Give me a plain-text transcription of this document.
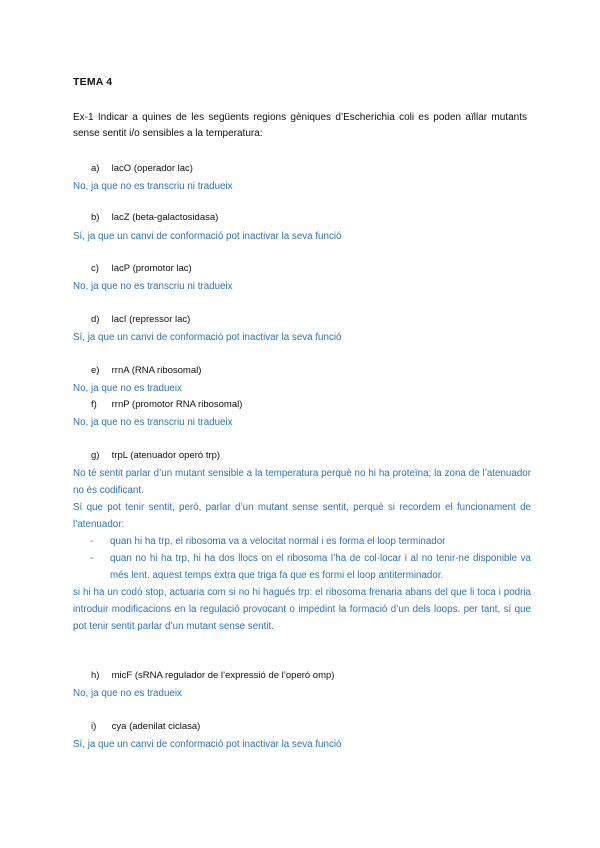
TEMA 4
Ex-1 Indicar a quines de les següents regions gèniques d’Escherichia coli es poden aïllar mutants sense sentit i/o sensibles a la temperatura:
a) lacO (operador lac)
No, ja que no es transcriu ni tradueix
b) lacZ (beta-galactosidasa)
Sí, ja que un canvi de conformació pot inactivar la seva funció
c) lacP (promotor lac)
No, ja que no es transcriu ni tradueix
d) lacI (repressor lac)
Sí, ja que un canvi de conformació pot inactivar la seva funció
e) rrnA (RNA ribosomal)
No, ja que no es tradueix
f) rrnP (promotor RNA ribosomal)
No, ja que no es transcriu ni tradueix
g) trpL (atenuador operó trp)
No té sentit parlar d’un mutant sensible a la temperatura perquè no hi ha proteïna; la zona de l’atenuador no és codificant.
Sí que pot tenir sentit, però, parlar d’un mutant sense sentit, perquè si recordem el funcionament de l’atenuador:
- quan hi ha trp, el ribosoma va a velocitat normal i es forma el loop terminador
- quan no hi ha trp, hi ha dos llocs on el ribosoma l’ha de col·locar i al no tenir-ne disponible va més lent. aquest temps extra que triga fa que es formi el loop antiterminador.
si hi ha un codó stop, actuaria com si no hi hagués trp: el ribosoma frenaria abans del que li toca i podria introduir modificacions en la regulació provocant o impedint la formació d’un dels loops. per tant, sí que pot tenir sentit parlar d’un mutant sense sentit.
h) micF (sRNA regulador de l’expressió de l’operó omp)
No, ja que no es tradueix
i) cya (adenilat ciclasa)
Sí, ja que un canvi de conformació pot inactivar la seva funció
